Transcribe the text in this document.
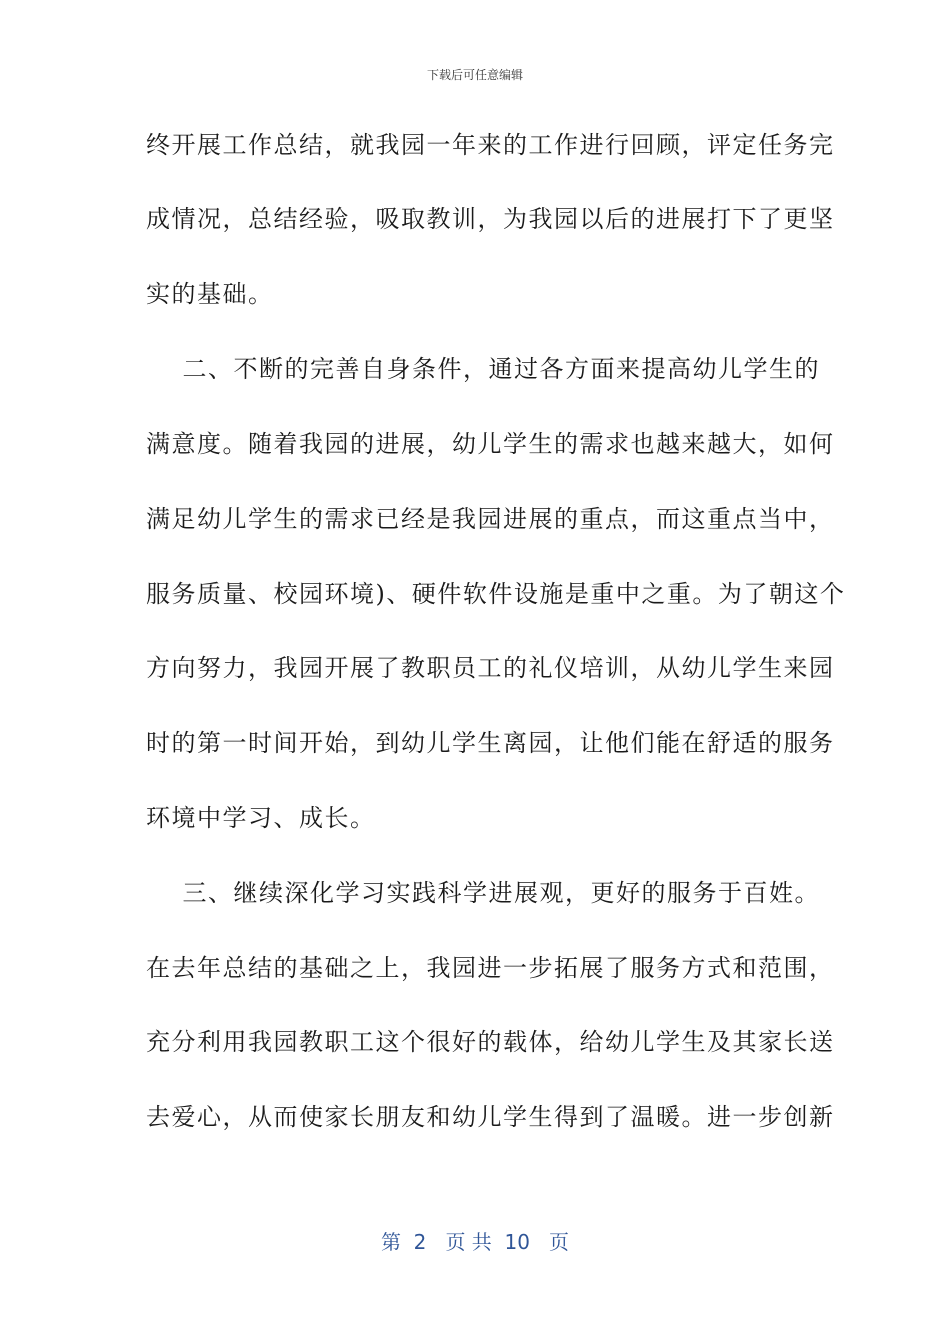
下载后可任意编辑
终开展工作总结，就我园一年来的工作进行回顾，评定任务完
成情况，总结经验，吸取教训，为我园以后的进展打下了更坚
实的基础。
二、不断的完善自身条件，通过各方面来提高幼儿学生的
满意度。随着我园的进展，幼儿学生的需求也越来越大，如何
满足幼儿学生的需求已经是我园进展的重点，而这重点当中，
服务质量、校园环境)、硬件软件设施是重中之重。为了朝这个
方向努力，我园开展了教职员工的礼仪培训，从幼儿学生来园
时的第一时间开始，到幼儿学生离园，让他们能在舒适的服务
环境中学习、成长。
三、继续深化学习实践科学进展观，更好的服务于百姓。
在去年总结的基础之上，我园进一步拓展了服务方式和范围，
充分利用我园教职工这个很好的载体，给幼儿学生及其家长送
去爱心，从而使家长朋友和幼儿学生得到了温暖。进一步创新
第  2   页 共  10   页
